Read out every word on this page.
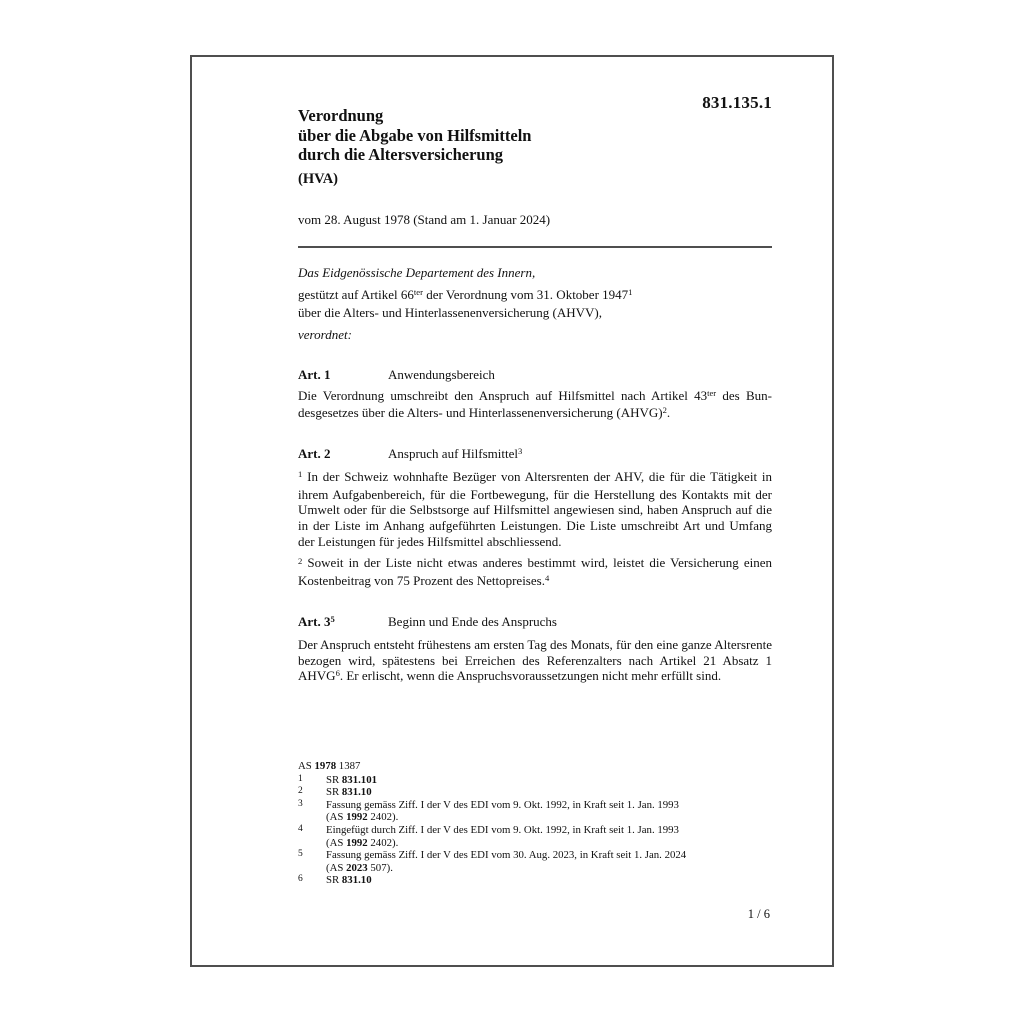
831.135.1
Verordnung
über die Abgabe von Hilfsmitteln
durch die Altersversicherung
(HVA)
vom 28. August 1978 (Stand am 1. Januar 2024)
Das Eidgenössische Departement des Innern,
gestützt auf Artikel $66^{ter}$ der Verordnung vom 31. Oktober 1947$^1$
über die Alters- und Hinterlassenenversicherung (AHVV),
verordnet:
Art. 1	Anwendungsbereich
Die Verordnung umschreibt den Anspruch auf Hilfsmittel nach Artikel $43^{ter}$ des Bundesgesetzes über die Alters- und Hinterlassenenversicherung (AHVG)$^2$.
Art. 2	Anspruch auf Hilfsmittel$^3$
$^1$ In der Schweiz wohnhafte Bezüger von Altersrenten der AHV, die für die Tätigkeit in ihrem Aufgabenbereich, für die Fortbewegung, für die Herstellung des Kontakts mit der Umwelt oder für die Selbstsorge auf Hilfsmittel angewiesen sind, haben Anspruch auf die in der Liste im Anhang aufgeführten Leistungen. Die Liste umschreibt Art und Umfang der Leistungen für jedes Hilfsmittel abschliessend.
$^2$ Soweit in der Liste nicht etwas anderes bestimmt wird, leistet die Versicherung einen Kostenbeitrag von 75 Prozent des Nettopreises.$^4$
Art. $3^5$	Beginn und Ende des Anspruchs
Der Anspruch entsteht frühestens am ersten Tag des Monats, für den eine ganze Altersrente bezogen wird, spätestens bei Erreichen des Referenzalters nach Artikel 21 Absatz 1 AHVG$^6$. Er erlischt, wenn die Anspruchsvoraussetzungen nicht mehr erfüllt sind.
AS 1978 1387
1	SR 831.101
2	SR 831.10
3	Fassung gemäss Ziff. I der V des EDI vom 9. Okt. 1992, in Kraft seit 1. Jan. 1993
(AS 1992 2402).
4	Eingefügt durch Ziff. I der V des EDI vom 9. Okt. 1992, in Kraft seit 1. Jan. 1993
(AS 1992 2402).
5	Fassung gemäss Ziff. I der V des EDI vom 30. Aug. 2023, in Kraft seit 1. Jan. 2024
(AS 2023 507).
6	SR 831.10
1 / 6
